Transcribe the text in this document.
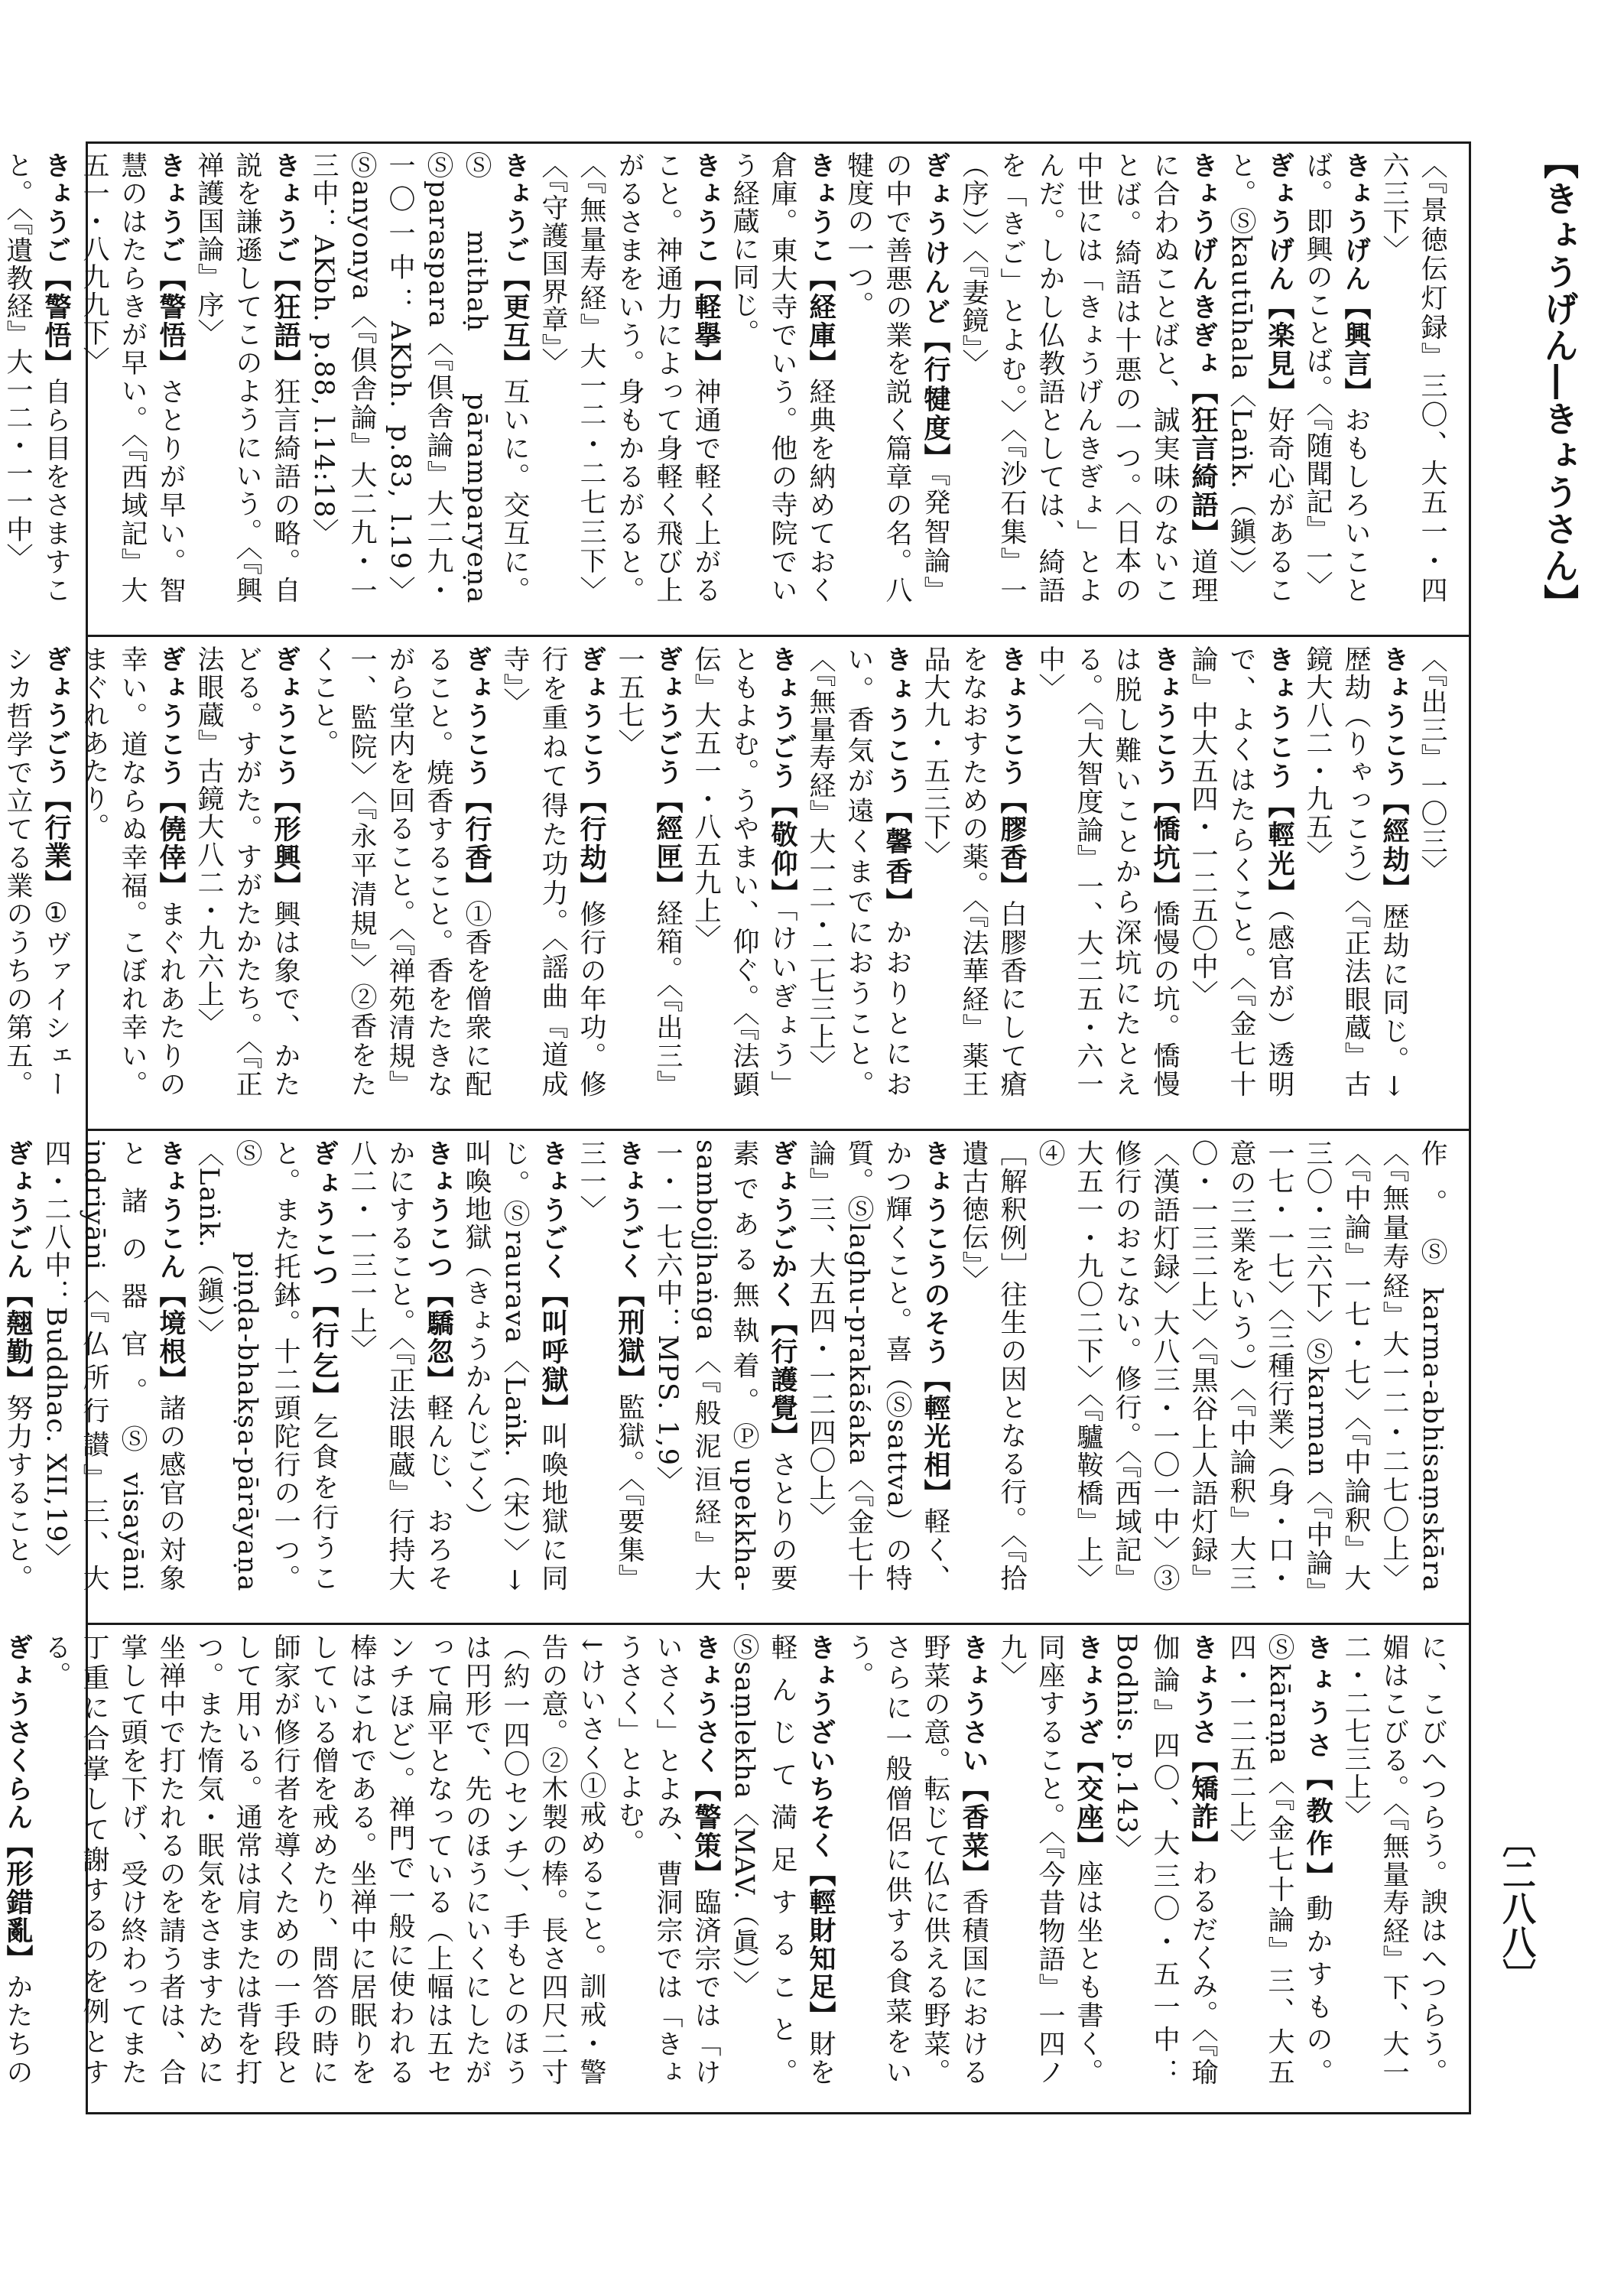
【きょうげん―きょうさん】
〔二八八〕
〈『景徳伝灯録』三〇、大五一・四六三下〉
きょうげん【興言】おもしろいことば。即興のことば。〈『随聞記』一〉
ぎょうげん【楽見】好奇心があること。Ⓢkautūhala〈Laṅk.（鎭）〉
きょうげんきぎょ【狂言綺語】道理に合わぬことばと、誠実味のないことば。綺語は十悪の一つ。〈日本の中世には「きょうげんきぎょ」とよんだ。しかし仏教語としては、綺語を「きご」とよむ。〉〈『沙石集』一（序）〉〈『妻鏡』〉
ぎょうけんど【行犍度】『発智論』の中で善悪の業を説く篇章の名。八犍度の一つ。
きょうこ【経庫】経典を納めておく倉庫。東大寺でいう。他の寺院でいう経蔵に同じ。
きょうこ【軽擧】神通で軽く上がること。神通力によって身軽く飛び上がるさまをいう。身もかるがると。〈『無量寿経』大一二・二七三下〉〈『守護国界章』〉
きょうご【更互】互いに。交互に。Ⓢmithaḥ pāramparyeṇa Ⓢparaspara〈『倶舎論』大二九・一〇一中：AKbh. p.83, l.19〉Ⓢanyonya〈『倶舎論』大二九・一三中：AKbh. p.88, l.14:18〉
きょうご【狂語】狂言綺語の略。自説を謙遜してこのようにいう。〈『興禅護国論』序〉
きょうご【警悟】さとりが早い。智慧のはたらきが早い。〈『西域記』大五一・八九九下〉
きょうご【警悟】自ら目をさますこと。〈『遺教経』大一二・一一中〉
〈『出三』一〇三〉
きょうこう【經劫】歴劫に同じ。→歴劫（りゃっこう）〈『正法眼蔵』古鏡大八二・九五〉
きょうこう【輕光】（感官が）透明で、よくはたらくこと。〈『金七十論』中大五四・一二五〇中〉
きょうこう【憍坑】憍慢の坑。憍慢は脱し難いことから深坑にたとえる。〈『大智度論』一、大二五・六一中〉
きょうこう【膠香】白膠香にして瘡をなおすための薬。〈『法華経』薬王品大九・五三下〉
きょうこう【馨香】かおりとにおい。香気が遠くまでにおうこと。〈『無量寿経』大一二・二七三上〉
きょうごう【敬仰】「けいぎょう」ともよむ。うやまい、仰ぐ。〈『法顕伝』大五一・八五九上〉
ぎょうごう【經匣】経箱。〈『出三』一五七〉
ぎょうこう【行劫】修行の年功。修行を重ねて得た功力。〈謡曲『道成寺』〉
ぎょうこう【行香】①香を僧衆に配ること。焼香すること。香をたきながら堂内を回ること。〈『禅苑清規』一、監院〉〈『永平清規』〉②香をたくこと。
ぎょうこう【形興】興は象で、かたどる。すがた。すがたかたち。〈『正法眼蔵』古鏡大八二・九六上〉
ぎょうこう【僥倖】まぐれあたりの幸い。道ならぬ幸福。こぼれ幸い。まぐれあたり。
ぎょうごう【行業】①ヴァイシェーシカ哲学で立てる業のうちの第五。
作。Ⓢkarma-abhisaṃskāra〈『無量寿経』大一二・二七〇上〉〈『中論』一七・七〉〈『中論釈』大三〇・三六下〉Ⓢkarman〈『中論』一七・一七〉〈三種行業〉（身・口・意の三業をいう。）〈『中論釈』大三〇・一三二上〉〈『黒谷上人語灯録』〈漢語灯録〉大八三・一〇一中〉③修行のおこない。修行。〈『西域記』大五一・九〇二下〉〈『驢鞍橋』上〉④
［解釈例］往生の因となる行。〈『拾遺古徳伝』〉
きょうこうのそう【輕光相】軽く、かつ輝くこと。喜（Ⓢsattva）の特質。Ⓢlaghu-prakāśaka〈『金七十論』三、大五四・一二四〇上〉
ぎょうごかく【行護覺】さとりの要素である無執着。Ⓟupekkha-sambojjhaṅga〈『般泥洹経』大一・一七六中：MPS. 1,9〉
きょうごく【刑獄】監獄。〈『要集』三一〉
きょうごく【叫呼獄】叫喚地獄に同じ。Ⓢraurava〈Laṅk.（宋）〉→叫喚地獄（きょうかんじごく）
きょうこつ【驕忽】軽んじ、おろそかにすること。〈『正法眼蔵』行持大八二・一三一上〉
ぎょうこつ【行乞】乞食を行うこと。また托鉢。十二頭陀行の一つ。Ⓢpiṇḍa-bhakṣa-pārāyaṇa〈Laṅk.（鎭）〉
きょうこん【境根】諸の感官の対象と諸の器官。Ⓢvisayāni indriyāni〈『仏所行讃』三、大四・二八中：Buddhac. XII,19〉
ぎょうごん【翹勤】努力すること。
に、こびへつらう。諛はへつらう。媚はこびる。〈『無量寿経』下、大一二・二七三上〉
きょうさ【教作】動かすもの。Ⓢkāraṇa〈『金七十論』三、大五四・一二五二上〉
きょうさ【矯詐】わるだくみ。〈『瑜伽論』四〇、大三〇・五一中：Bodhis. p.143〉
きょうざ【交座】座は坐とも書く。同座すること。〈『今昔物語』一四ノ九〉
きょうさい【香菜】香積国における野菜の意。転じて仏に供える野菜。さらに一般僧侶に供する食菜をいう。
きょうざいちそく【輕財知足】財を軽んじて満足すること。Ⓢsaṃlekha〈MAV.（眞）〉
きょうさく【警策】臨済宗では「けいさく」とよみ、曹洞宗では「きょうさく」とよむ。
↓けいさく①戒めること。訓戒・警告の意。②木製の棒。長さ四尺二寸（約一四〇センチ）、手もとのほうは円形で、先のほうにいくにしたがって扁平となっている（上幅は五センチほど）。禅門で一般に使われる棒はこれである。坐禅中に居眠りをしている僧を戒めたり、問答の時に師家が修行者を導くための一手段として用いる。通常は肩または背を打つ。また惰気・眠気をさますために坐禅中で打たれるのを請う者は、合掌して頭を下げ、受け終わってまた丁重に合掌して謝するのを例とする。
ぎょうさくらん【形錯亂】かたちの
